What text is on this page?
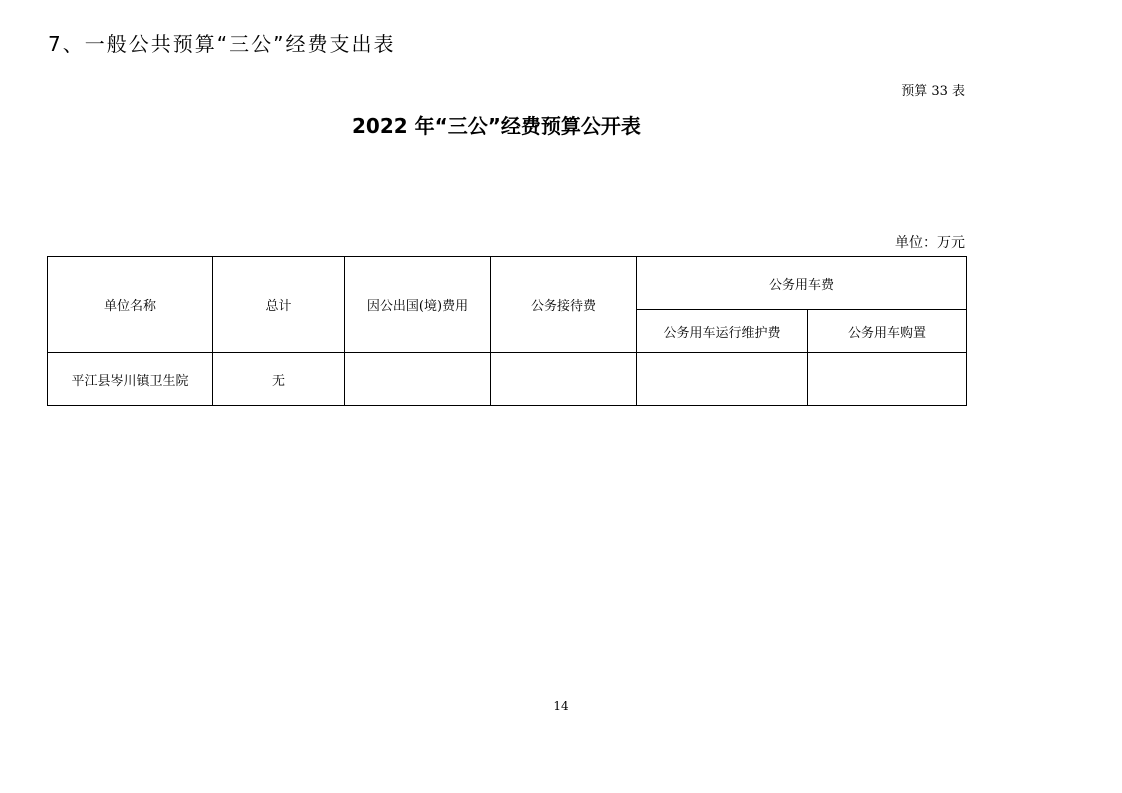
7、一般公共预算“三公”经费支出表
预算 33 表
2022 年“三公”经费预算公开表
单位：万元
单位名称	总计	因公出国(境)费用	公务接待费	公务用车费	
				公务用车运行维护费	公务用车购置
平江县岑川镇卫生院	无				
14
